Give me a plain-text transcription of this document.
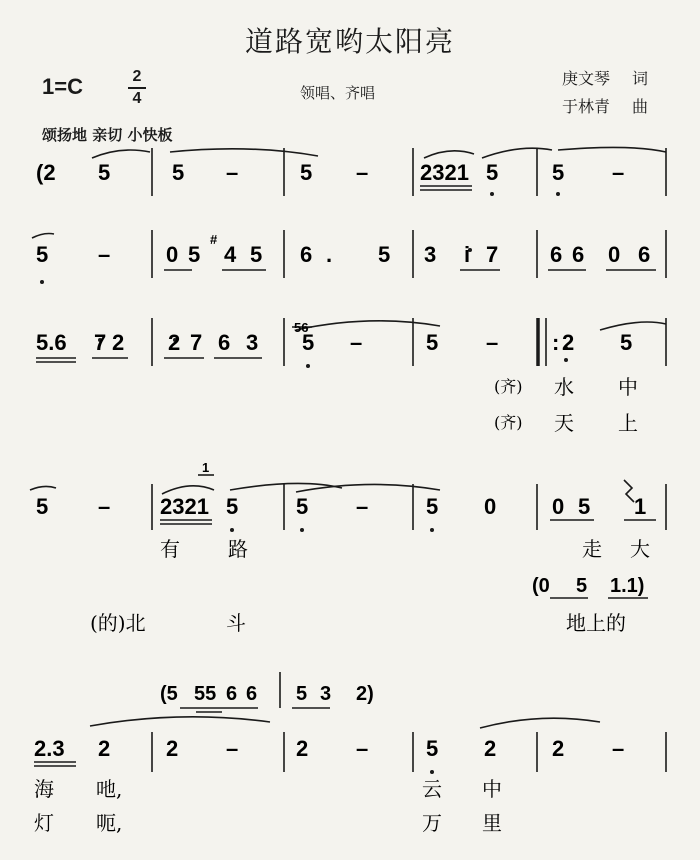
道路宽哟太阳亮
1=C	2
4	领唱、齐唱
庚文琴 词
于林青 曲
颂扬地 亲切 小快板
(2 5	5 –	5 – 2321 5 5 –
5 –	0 5
#
4 5 6 . 5 3 i 7 6 6 0 6
5.6 7 2 2 7 6 3
56
5 –	5 – : 2 5
(齐) 水 中
(齐) 天 上
5 –
1
2321 5	5 –	5 0	0 5 1
有 路	走 大
(0 5 1.1)
(的)北	斗	地上的
(5 55 6 6 5 3 2)
2.3 2	2 –	2 –	5 2	2 –
海 吔,	云 中
灯 呃,	万 里
